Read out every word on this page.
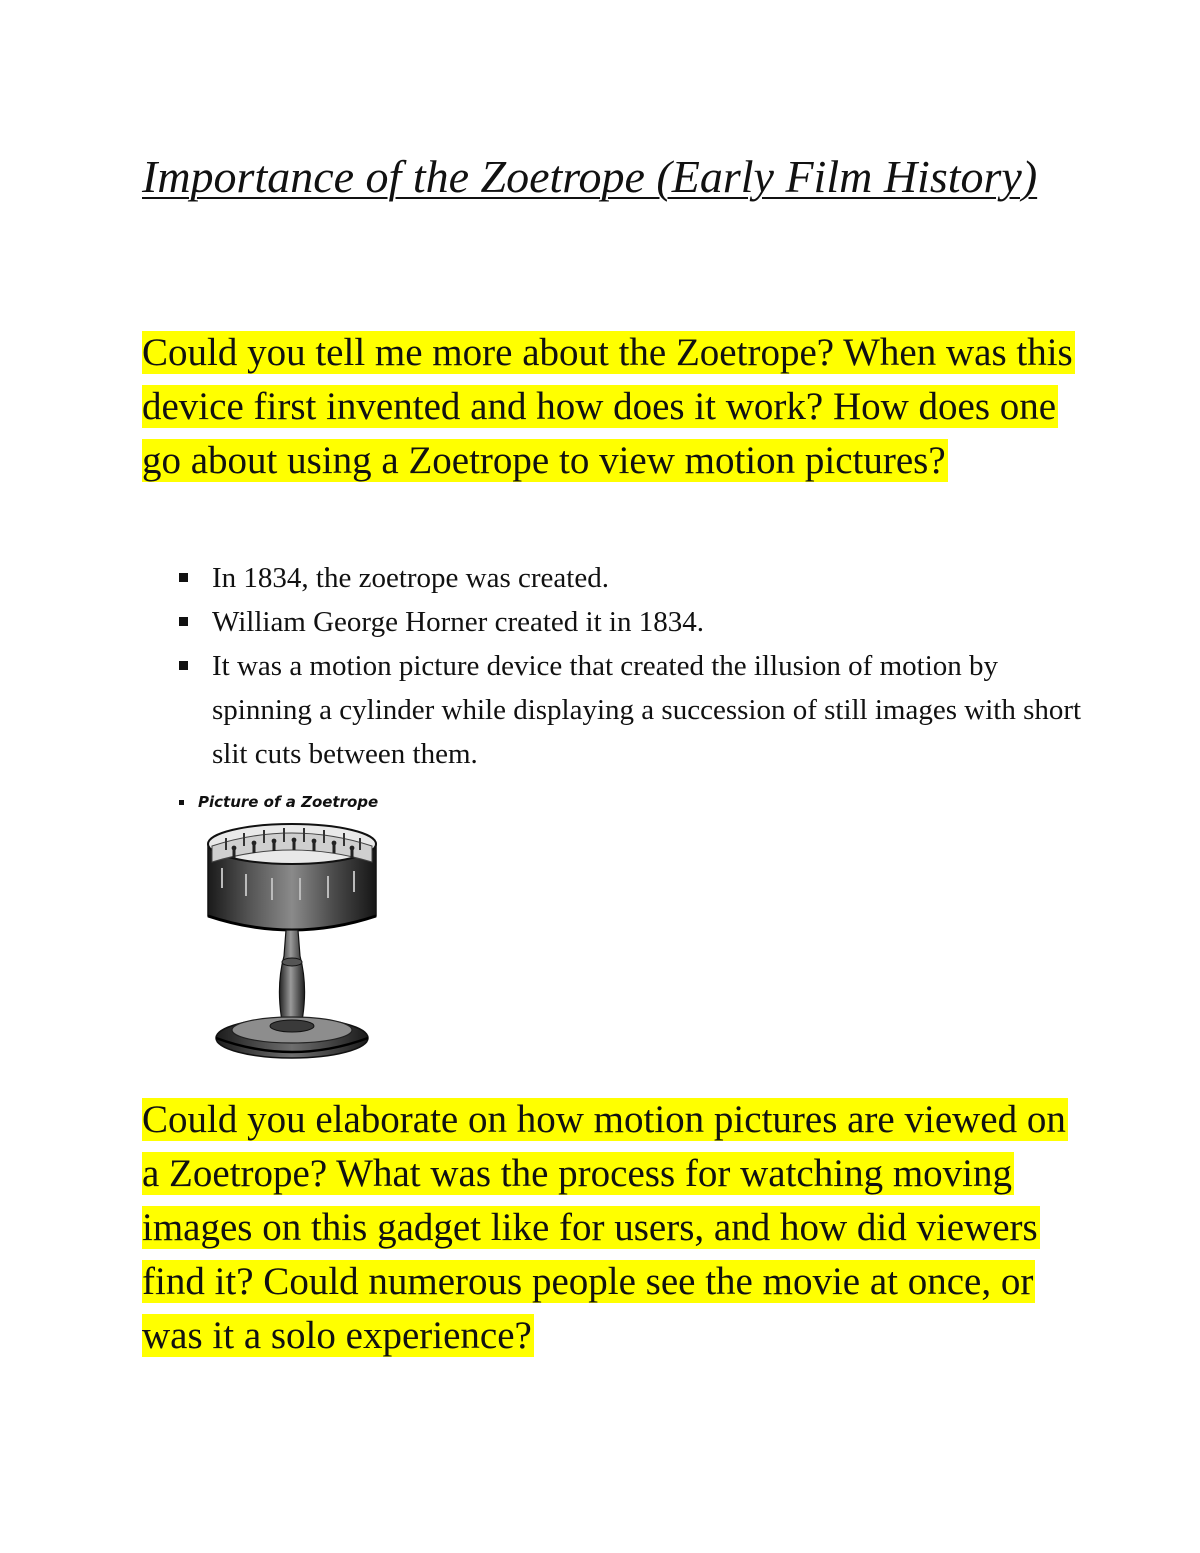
Importance of the Zoetrope (Early Film History)

Could you tell me more about the Zoetrope? When was this device first invented and how does it work? How does one go about using a Zoetrope to view motion pictures?

In 1834, the zoetrope was created.
William George Horner created it in 1834.
It was a motion picture device that created the illusion of motion by spinning a cylinder while displaying a succession of still images with short slit cuts between them.
Picture of a Zoetrope

Could you elaborate on how motion pictures are viewed on a Zoetrope? What was the process for watching moving images on this gadget like for users, and how did viewers find it? Could numerous people see the movie at once, or was it a solo experience?
